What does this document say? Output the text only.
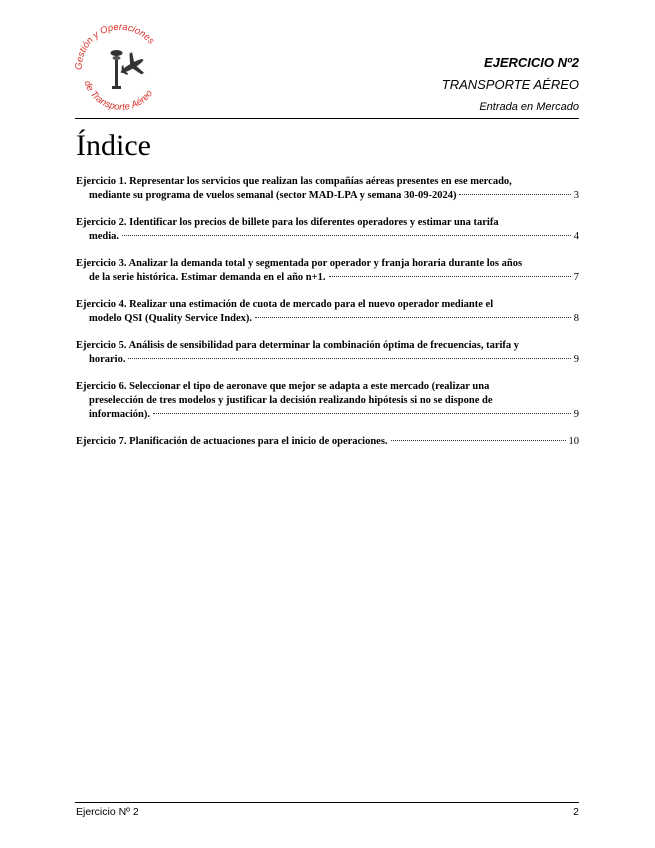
Gestión y Operaciones
de Transporte Aéreo
EJERCICIO Nº2
TRANSPORTE AÉREO
Entrada en Mercado
Índice
Ejercicio 1. Representar los servicios que realizan las compañías aéreas presentes en ese mercado,
mediante su programa de vuelos semanal (sector MAD-LPA y semana 30-09-2024)	3
Ejercicio 2. Identificar los precios de billete para los diferentes operadores y estimar una tarifa
media.	4
Ejercicio 3. Analizar la demanda total y segmentada por operador y franja horaria durante los años
de la serie histórica. Estimar demanda en el año n+1.	7
Ejercicio 4. Realizar una estimación de cuota de mercado para el nuevo operador mediante el
modelo QSI (Quality Service Index).	8
Ejercicio 5. Análisis de sensibilidad para determinar la combinación óptima de frecuencias, tarifa y
horario.	9
Ejercicio 6. Seleccionar el tipo de aeronave que mejor se adapta a este mercado (realizar una
preselección de tres modelos y justificar la decisión realizando hipótesis si no se dispone de
información).	9
Ejercicio 7. Planificación de actuaciones para el inicio de operaciones.	10
Ejercicio Nº 2	2
